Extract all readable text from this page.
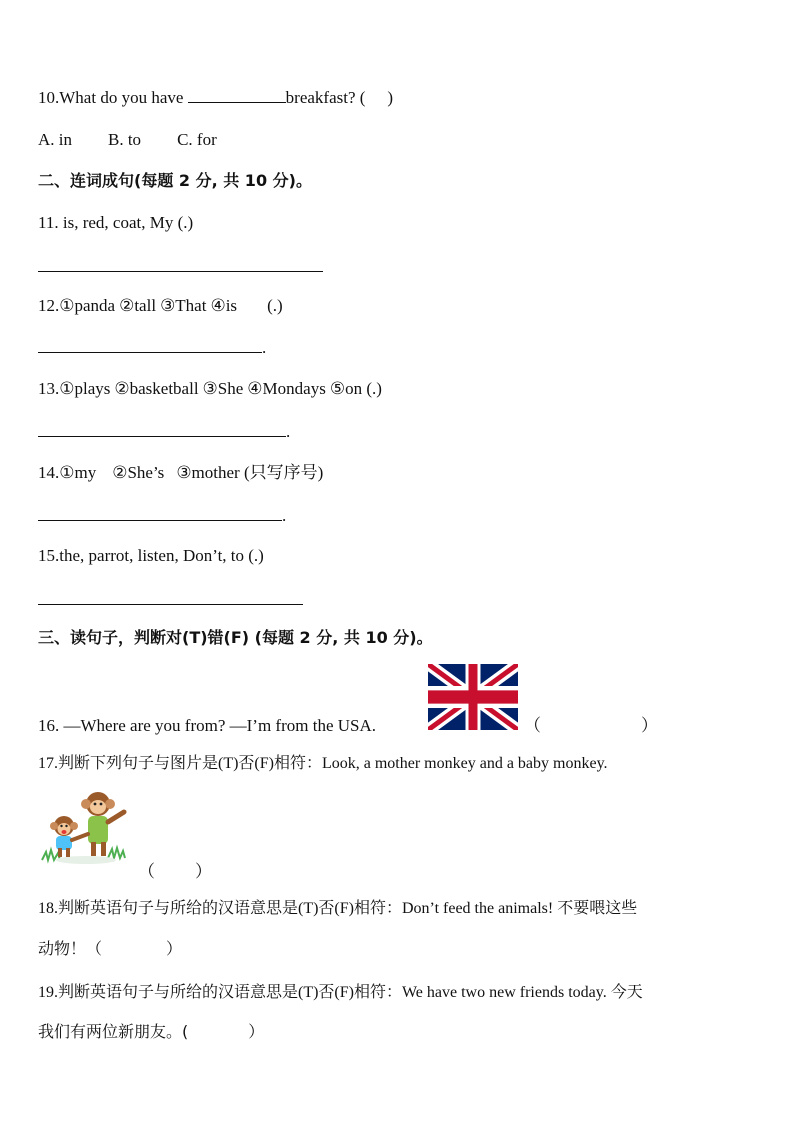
10.What do you have	breakfast? ( )
A. in B. to C. for
二、连词成句(每题 2 分, 共 10 分)。
11. is, red, coat, My (.)
12.①panda ②tall ③That ④is (.)
.
13.①plays ②basketball ③She ④Mondays ⑤on (.)
.
14.①my ②She’s ③mother (只写序号)
.
15.the, parrot, listen, Don’t, to (.)
三、读句子，判断对(T)错(F) (每题 2 分, 共 10 分)。
16. —Where are you from? —I’m from the USA.	（	）
17.判断下列句子与图片是(T)否(F)相符：Look, a mother monkey and a baby monkey.
（ ）
18.判断英语句子与所给的汉语意思是(T)否(F)相符：Don’t feed the animals! 不要喂这些
动物！（	）
19.判断英语句子与所给的汉语意思是(T)否(F)相符：We have two new friends today. 今天
我们有两位新朋友。(	）
